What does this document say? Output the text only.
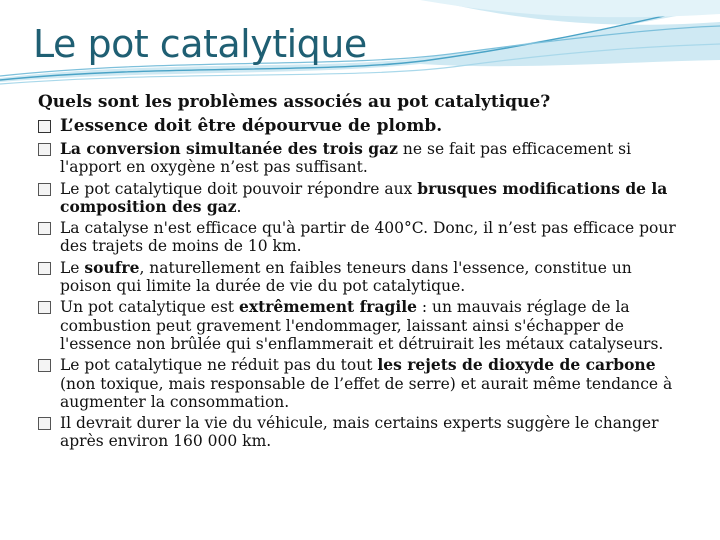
Le pot catalytique
Quels sont les problèmes associés au pot catalytique?
L’essence doit être dépourvue de plomb.
La conversion simultanée des trois gaz ne se fait pas efficacement si l'apport en oxygène n’est pas suffisant.
Le pot catalytique doit pouvoir répondre aux brusques modifications de la composition des gaz.
La catalyse n'est efficace qu'à partir de 400°C. Donc, il n’est pas efficace pour des trajets de moins de 10 km.
Le soufre, naturellement en faibles teneurs dans l'essence, constitue un poison qui limite la durée de vie du pot catalytique.
Un pot catalytique est extrêmement fragile : un mauvais réglage de la combustion peut gravement l'endommager, laissant ainsi s'échapper de l'essence non brûlée qui s'enflammerait et détruirait les métaux catalyseurs.
Le pot catalytique ne réduit pas du tout les rejets de dioxyde de carbone (non toxique, mais responsable de l’effet de serre) et aurait même tendance à augmenter la consommation.
Il devrait durer la vie du véhicule, mais certains experts suggère le changer après environ 160 000 km.
